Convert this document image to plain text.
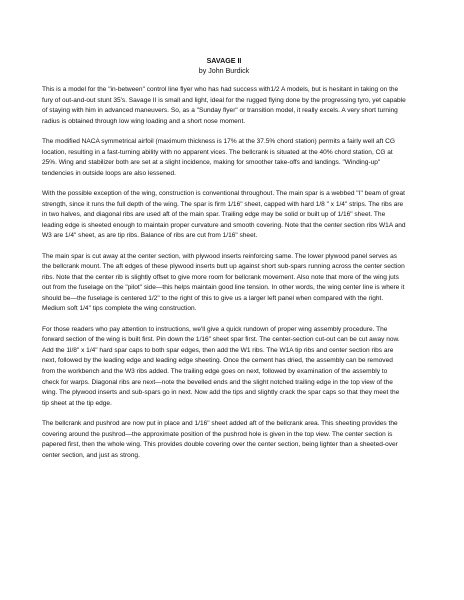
SAVAGE II

by John Burdick

This is a model for the "in-between" control line flyer who has had success with1/2 A models, but is hesitant in taking on the fury of out-and-out stunt 35's. Savage II is small and light, ideal for the rugged flying done by the progressing tyro, yet capable of staying with him in advanced maneuvers. So, as a "Sunday flyer" or transition model, it really excels. A very short turning radius is obtained through low wing loading and a short nose moment.

The modified NACA symmetrical airfoil (maximum thickness is 17% at the 37.5% chord station) permits a fairly well aft CG location, resulting in a fast-turning ability with no apparent vices. The bellcrank is situated at the 40% chord station, CG at 25%. Wing and stabilizer both are set at a slight incidence, making for smoother take-offs and landings. "Winding-up" tendencies in outside loops are also lessened.

With the possible exception of the wing, construction is conventional throughout. The main spar is a webbed "I" beam of great strength, since it runs the full depth of the wing. The spar is firm 1/16" sheet, capped with hard 1/8 " x 1/4" strips. The ribs are in two halves, and diagonal ribs are used aft of the main spar. Trailing edge may be solid or built up of 1/16" sheet. The leading edge is sheeted enough to maintain proper curvature and smooth covering. Note that the center section ribs W1A and W3 are 1/4" sheet, as are tip ribs. Balance of ribs are cut from 1/16" sheet.

The main spar is cut away at the center section, with plywood inserts reinforcing same. The lower plywood panel serves as the bellcrank mount. The aft edges of these plywood inserts butt up against short sub-spars running across the center section ribs. Note that the center rib is slightly offset to give more room for bellcrank movement. Also note that more of the wing juts out from the fuselage on the "pilot" side—this helps maintain good line tension. In other words, the wing center line is where it should be—the fuselage is centered 1/2" to the right of this to give us a larger left panel when compared with the right. Medium soft 1/4" tips complete the wing construction.

For those readers who pay attention to instructions, we'll give a quick rundown of proper wing assembly procedure. The forward section of the wing is built first. Pin down the 1/16" sheet spar first. The center-section cut-out can be cut away now. Add the 1l/8" x 1/4" hard spar caps to both spar edges, then add the W1 ribs. The W1A tip ribs and center section ribs are next, followed by the leading edge and leading edge sheeting. Once the cement has dried, the assembly can be removed from the workbench and the W3 ribs added. The trailing edge goes on next, followed by examination of the assembly to check for warps. Diagonal ribs are next—note the bevelled ends and the slight notched trailing edge in the top view of the wing. The plywood inserts and sub-spars go in next. Now add the tips and slightly crack the spar caps so that they meet the tip sheet at the tip edge.

The bellcrank and pushrod are now put in place and 1/16" sheet added aft of the bellcrank area. This sheeting provides the covering around the pushrod—the approximate position of the pushrod hole is given in the top view. The center section is papered first, then the whole wing. This provides double covering over the center section, being lighter than a sheeted-over center section, and just as strong.
